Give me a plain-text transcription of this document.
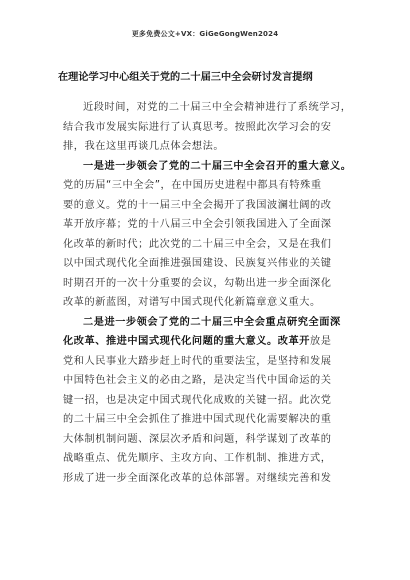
更多免费公文+VX：GiGeGongWen2024
在理论学习中心组关于党的二十届三中全会研讨发言提纲
近段时间，对党的二十届三中全会精神进行了系统学习，
结合我市发展实际进行了认真思考。按照此次学习会的安
排，我在这里再谈几点体会想法。
一是进一步领会了党的二十届三中全会召开的重大意义。
党的历届“三中全会”，在中国历史进程中都具有特殊重
要的意义。党的十一届三中全会揭开了我国波澜壮阔的改
革开放序幕；党的十八届三中全会引领我国进入了全面深
化改革的新时代；此次党的二十届三中全会，又是在我们
以中国式现代化全面推进强国建设、民族复兴伟业的关键
时期召开的一次十分重要的会议，勾勒出进一步全面深化
改革的新蓝图，对谱写中国式现代化新篇章意义重大。
二是进一步领会了党的二十届三中全会重点研究全面深
化改革、推进中国式现代化问题的重大意义。改革开放是
党和人民事业大踏步赶上时代的重要法宝，是坚持和发展
中国特色社会主义的必由之路，是决定当代中国命运的关
键一招，也是决定中国式现代化成败的关键一招。此次党
的二十届三中全会抓住了推进中国式现代化需要解决的重
大体制机制问题、深层次矛盾和问题，科学谋划了改革的
战略重点、优先顺序、主攻方向、工作机制、推进方式，
形成了进一步全面深化改革的总体部署。对继续完善和发
